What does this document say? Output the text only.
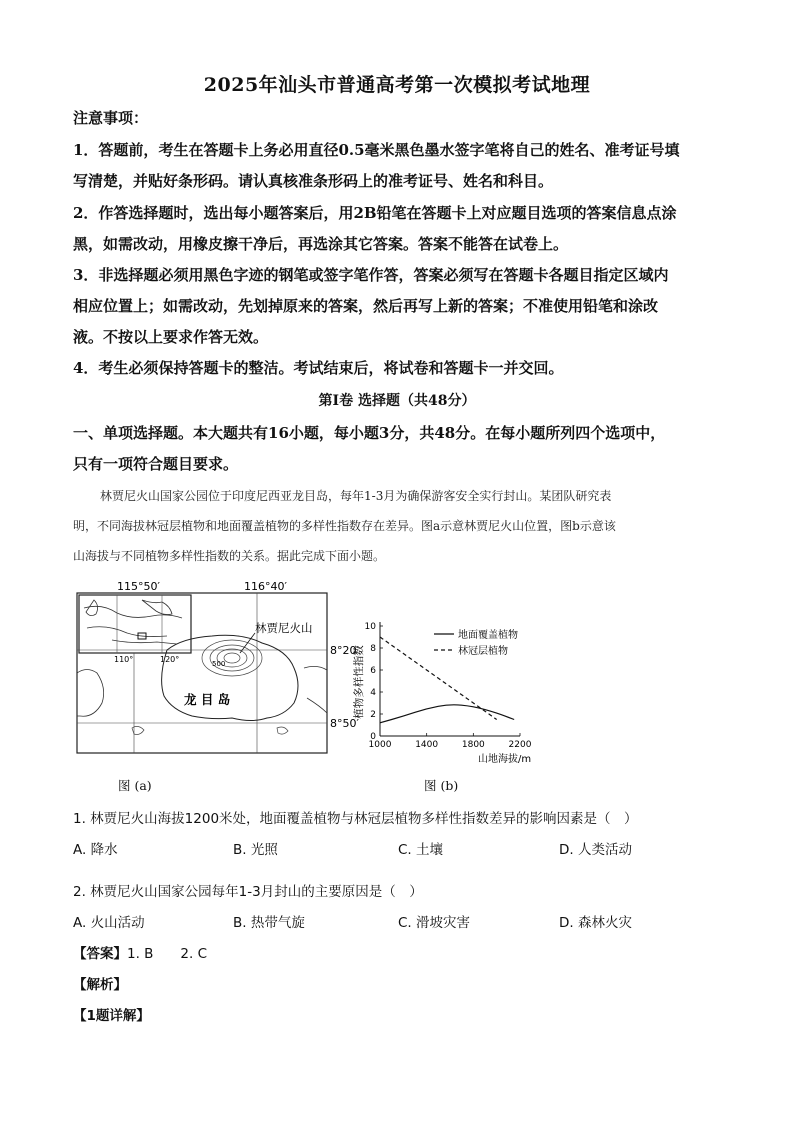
2025年汕头市普通高考第一次模拟考试地理
注意事项：
1．答题前，考生在答题卡上务必用直径0.5毫米黑色墨水签字笔将自己的姓名、准考证号填
写清楚，并贴好条形码。请认真核准条形码上的准考证号、姓名和科目。
2．作答选择题时，选出每小题答案后，用2B铅笔在答题卡上对应题目选项的答案信息点涂
黑，如需改动，用橡皮擦干净后，再选涂其它答案。答案不能答在试卷上。
3．非选择题必须用黑色字迹的钢笔或签字笔作答，答案必须写在答题卡各题目指定区域内
相应位置上；如需改动，先划掉原来的答案，然后再写上新的答案；不准使用铅笔和涂改
液。不按以上要求作答无效。
4．考生必须保持答题卡的整洁。考试结束后，将试卷和答题卡一并交回。
第I卷 选择题（共48分）
一、单项选择题。本大题共有16小题，每小题3分，共48分。在每小题所列四个选项中，
只有一项符合题目要求。
林贾尼火山国家公园位于印度尼西亚龙目岛，每年1-3月为确保游客安全实行封山。某团队研究表
明，不同海拔林冠层植物和地面覆盖植物的多样性指数存在差异。图a示意林贾尼火山位置，图b示意该
山海拔与不同植物多样性指数的关系。据此完成下面小题。
115°50′	116°40′
110°	120°	500
林贾尼火山
8°20′
8°50′
龙 目 岛
图 (a)
0
2
4
6
8
10
1000	1400	1800	2200
地面覆盖植物
林冠层植物
植物多样性指数
山地海拔/m
图 (b)
1. 林贾尼火山海拔1200米处，地面覆盖植物与林冠层植物多样性指数差异的影响因素是（　）
A. 降水	B. 光照	C. 土壤	D. 人类活动
2. 林贾尼火山国家公园每年1-3月封山的主要原因是（　）
A. 火山活动	B. 热带气旋	C. 滑坡灾害	D. 森林火灾
【答案】1. B　　2. C
【解析】
【1题详解】
